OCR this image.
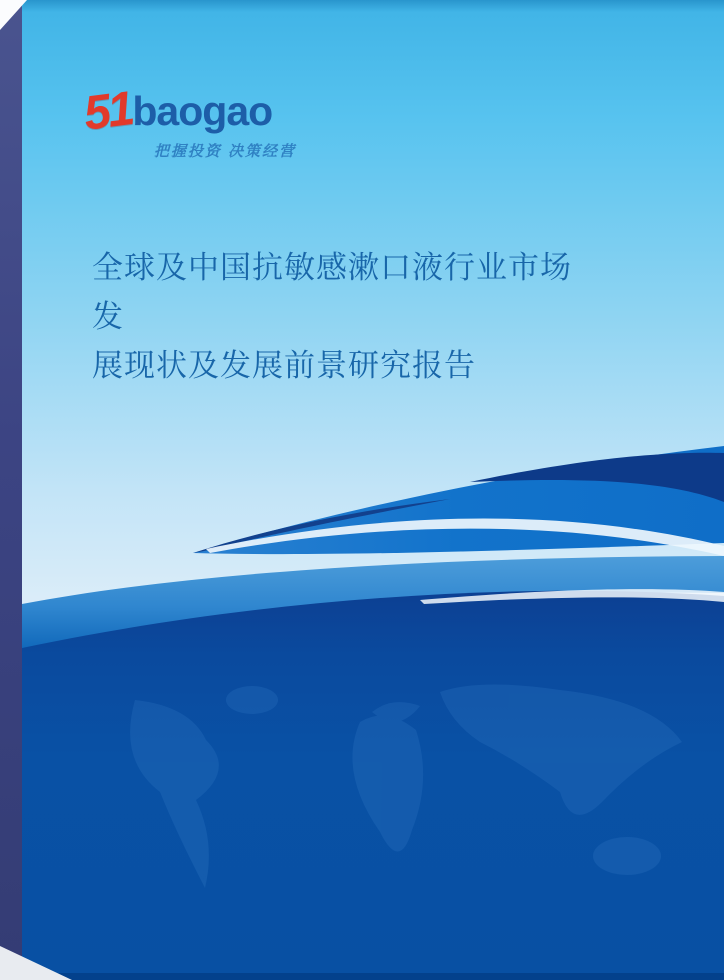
51baogao
把握投资 决策经营
全球及中国抗敏感漱口液行业市场发
展现状及发展前景研究报告
